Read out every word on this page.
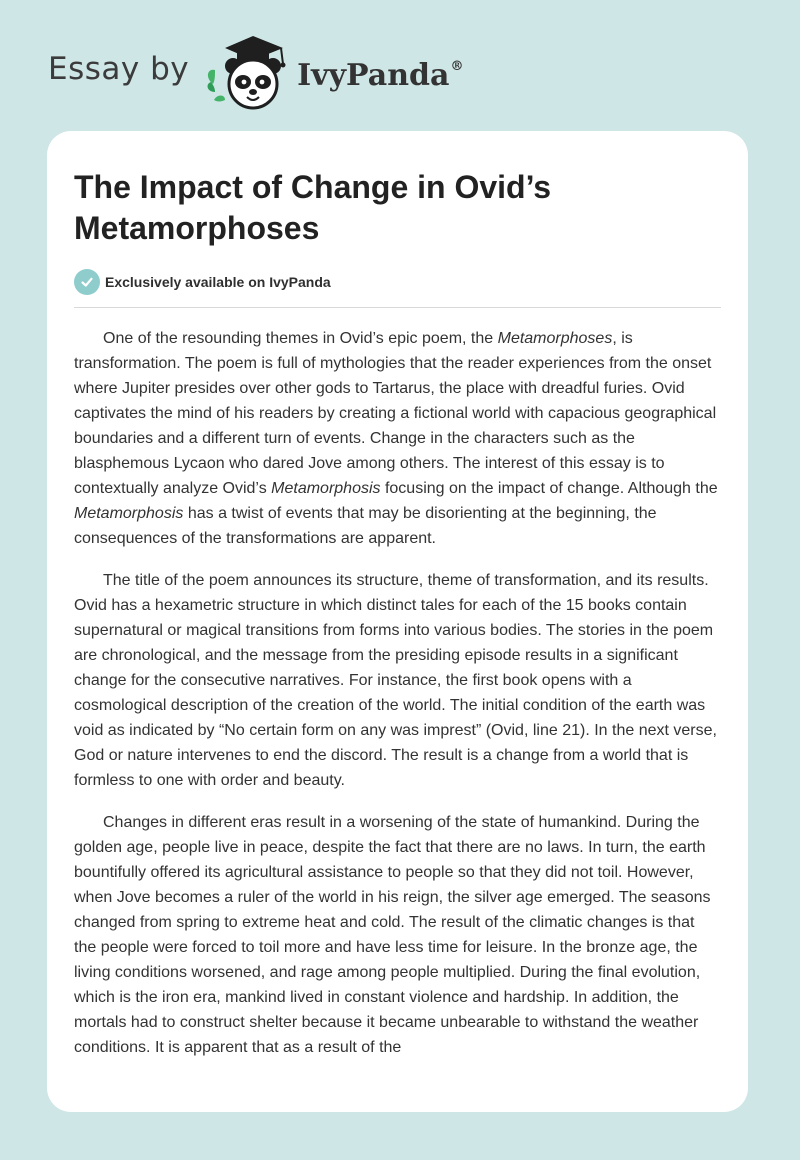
Essay by	IvyPanda®
The Impact of Change in Ovid’s Metamorphoses
Exclusively available on IvyPanda

One of the resounding themes in Ovid’s epic poem, the Metamorphoses, is transformation. The poem is full of mythologies that the reader experiences from the onset where Jupiter presides over other gods to Tartarus, the place with dreadful furies. Ovid captivates the mind of his readers by creating a fictional world with capacious geographical boundaries and a different turn of events. Change in the characters such as the blasphemous Lycaon who dared Jove among others. The interest of this essay is to contextually analyze Ovid’s Metamorphosis focusing on the impact of change. Although the Metamorphosis has a twist of events that may be disorienting at the beginning, the consequences of the transformations are apparent.

The title of the poem announces its structure, theme of transformation, and its results. Ovid has a hexametric structure in which distinct tales for each of the 15 books contain supernatural or magical transitions from forms into various bodies. The stories in the poem are chronological, and the message from the presiding episode results in a significant change for the consecutive narratives. For instance, the first book opens with a cosmological description of the creation of the world. The initial condition of the earth was void as indicated by “No certain form on any was imprest” (Ovid, line 21). In the next verse, God or nature intervenes to end the discord. The result is a change from a world that is formless to one with order and beauty.

Changes in different eras result in a worsening of the state of humankind. During the golden age, people live in peace, despite the fact that there are no laws. In turn, the earth bountifully offered its agricultural assistance to people so that they did not toil. However, when Jove becomes a ruler of the world in his reign, the silver age emerged. The seasons changed from spring to extreme heat and cold. The result of the climatic changes is that the people were forced to toil more and have less time for leisure. In the bronze age, the living conditions worsened, and rage among people multiplied. During the final evolution, which is the iron era, mankind lived in constant violence and hardship. In addition, the mortals had to construct shelter because it became unbearable to withstand the weather conditions. It is apparent that as a result of the
